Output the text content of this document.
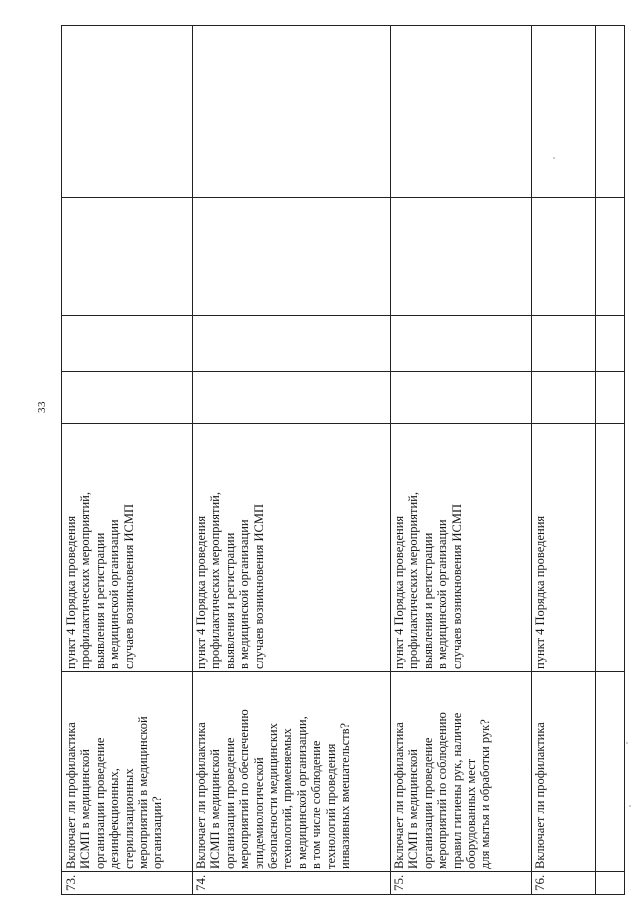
33
73.
Включает ли профилактика
ИСМП в медицинской
организации проведение
дезинфекционных,
стерилизационных
мероприятий в медицинской
организации?
пункт 4 Порядка проведения
профилактических мероприятий,
выявления и регистрации
в медицинской организации
случаев возникновения ИСМП
74.
Включает ли профилактика
ИСМП в медицинской
организации проведение
мероприятий по обеспечению
эпидемиологической
безопасности медицинских
технологий, применяемых
в медицинской организации,
в том числе соблюдение
технологий проведения
инвазивных вмешательств?
пункт 4 Порядка проведения
профилактических мероприятий,
выявления и регистрации
в медицинской организации
случаев возникновения ИСМП
75.
Включает ли профилактика
ИСМП в медицинской
организации проведение
мероприятий по соблюдению
правил гигиены рук, наличие
оборудованных мест
для мытья и обработки рук?
пункт 4 Порядка проведения
профилактических мероприятий,
выявления и регистрации
в медицинской организации
случаев возникновения ИСМП
76.
Включает ли профилактика
пункт 4 Порядка проведения
